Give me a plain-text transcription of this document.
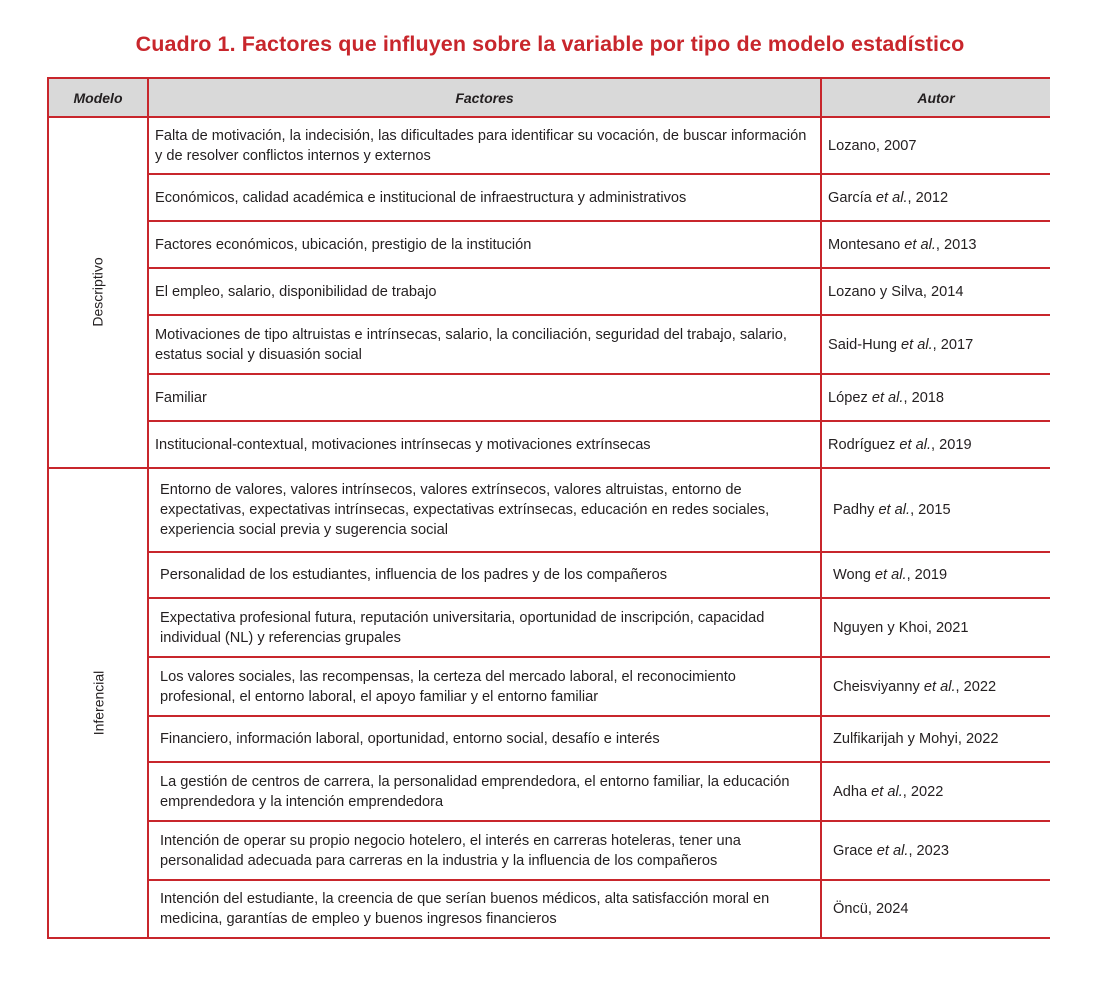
Cuadro 1. Factores que influyen sobre la variable por tipo de modelo estadístico
Modelo	Factores	Autor
Descriptivo	Falta de motivación, la indecisión, las dificultades para identificar su vocación, de buscar información y de resolver conflictos internos y externos	Lozano, 2007
	Económicos, calidad académica e institucional de infraestructura y administrativos	García et al., 2012
	Factores económicos, ubicación, prestigio de la institución	Montesano et al., 2013
	El empleo, salario, disponibilidad de trabajo	Lozano y Silva, 2014
	Motivaciones de tipo altruistas e intrínsecas, salario, la conciliación, seguridad del trabajo, salario, estatus social y disuasión social	Said-Hung et al., 2017
	Familiar	López et al., 2018
	Institucional-contextual, motivaciones intrínsecas y motivaciones extrínsecas	Rodríguez et al., 2019
Inferencial	Entorno de valores, valores intrínsecos, valores extrínsecos, valores altruistas, entorno de expectativas, expectativas intrínsecas, expectativas extrínsecas, educación en redes sociales, experiencia social previa y sugerencia social	Padhy et al., 2015
	Personalidad de los estudiantes, influencia de los padres y de los compañeros	Wong et al., 2019
	Expectativa profesional futura, reputación universitaria, oportunidad de inscripción, capacidad individual (NL) y referencias grupales	Nguyen y Khoi, 2021
	Los valores sociales, las recompensas, la certeza del mercado laboral, el reconocimiento profesional, el entorno laboral, el apoyo familiar y el entorno familiar	Cheisviyanny et al., 2022
	Financiero, información laboral, oportunidad, entorno social, desafío e interés	Zulfikarijah y Mohyi, 2022
	La gestión de centros de carrera, la personalidad emprendedora, el entorno familiar, la educación emprendedora y la intención emprendedora	Adha et al., 2022
	Intención de operar su propio negocio hotelero, el interés en carreras hoteleras, tener una personalidad adecuada para carreras en la industria y la influencia de los compañeros	Grace et al., 2023
	Intención del estudiante, la creencia de que serían buenos médicos, alta satisfacción moral en medicina, garantías de empleo y buenos ingresos financieros	Öncü, 2024
